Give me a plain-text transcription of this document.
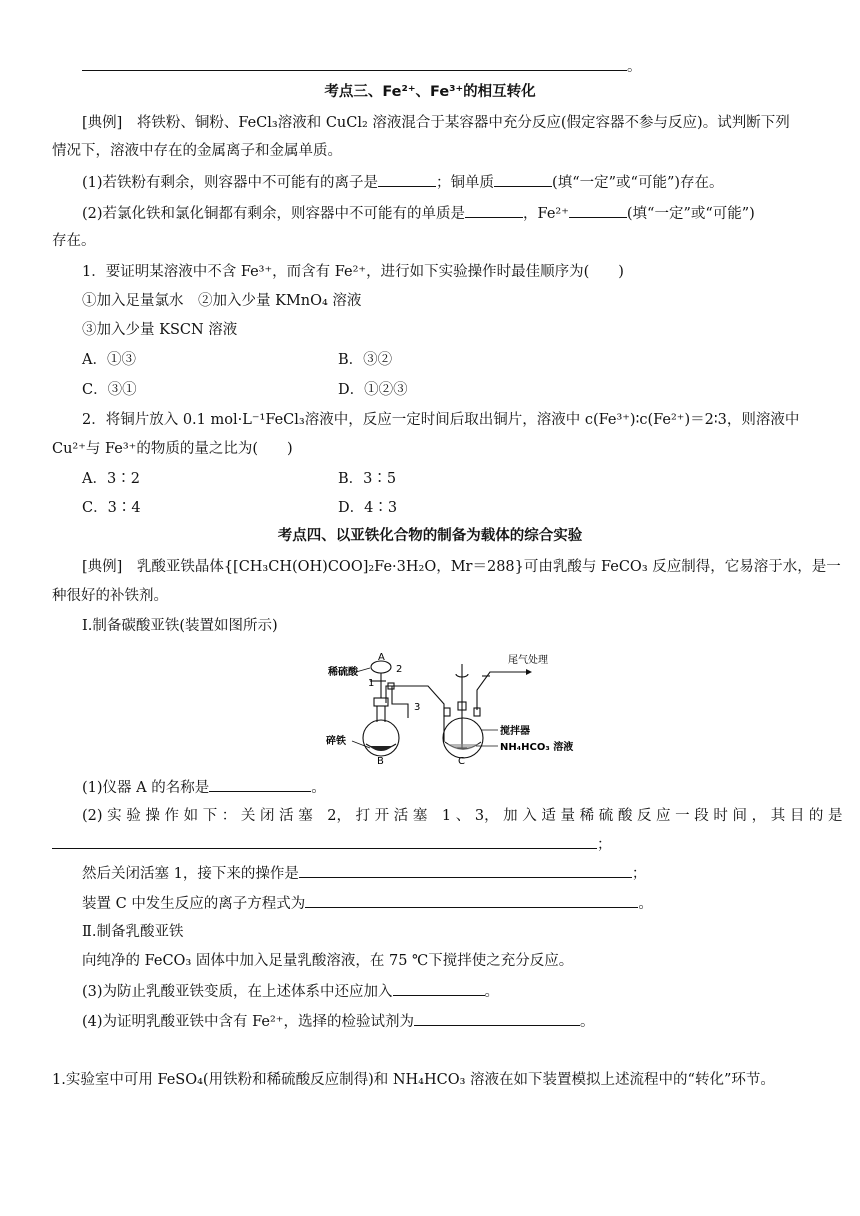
。
考点三、Fe²⁺、Fe³⁺的相互转化
[典例]　将铁粉、铜粉、FeCl₃溶液和 CuCl₂ 溶液混合于某容器中充分反应(假定容器不参与反应)。试判断下列
情况下，溶液中存在的金属离子和金属单质。
(1)若铁粉有剩余，则容器中不可能有的离子是	；铜单质	(填“一定”或“可能”)存在。
(2)若氯化铁和氯化铜都有剩余，则容器中不可能有的单质是	，Fe²⁺	(填“一定”或“可能”)
存在。
1．要证明某溶液中不含 Fe³⁺，而含有 Fe²⁺，进行如下实验操作时最佳顺序为(　　)
①加入足量氯水　②加入少量 KMnO₄ 溶液
③加入少量 KSCN 溶液
A．①③	B．③②
C．③①	D．①②③
2．将铜片放入 0.1 mol·L⁻¹FeCl₃溶液中，反应一定时间后取出铜片，溶液中 c(Fe³⁺)∶c(Fe²⁺)＝2∶3，则溶液中
Cu²⁺与 Fe³⁺的物质的量之比为(　　)
A．3∶2	B．3∶5
C．3∶4	D．4∶3
考点四、以亚铁化合物的制备为载体的综合实验
[典例]　乳酸亚铁晶体{[CH₃CH(OH)COO]₂Fe·3H₂O，Mr＝288}可由乳酸与 FeCO₃ 反应制得，它易溶于水，是一
种很好的补铁剂。
Ⅰ.制备碳酸亚铁(装置如图所示)
A
稀硫酸	2
1
3
碎铁
B	C
尾气处理
搅拌器
NH₄HCO₃ 溶液
(1)仪器 A 的名称是	。
(2) 实 验 操 作 如 下 ： 关 闭 活 塞　2， 打 开 活 塞　1 、 3， 加 入 适 量 稀 硫 酸 反 应 一 段 时 间 ， 其 目 的 是
；
然后关闭活塞 1，接下来的操作是	；
装置 C 中发生反应的离子方程式为	。
Ⅱ.制备乳酸亚铁
向纯净的 FeCO₃ 固体中加入足量乳酸溶液，在 75 ℃下搅拌使之充分反应。
(3)为防止乳酸亚铁变质，在上述体系中还应加入	。
(4)为证明乳酸亚铁中含有 Fe²⁺，选择的检验试剂为	。
1.实验室中可用 FeSO₄(用铁粉和稀硫酸反应制得)和 NH₄HCO₃ 溶液在如下装置模拟上述流程中的“转化”环节。
